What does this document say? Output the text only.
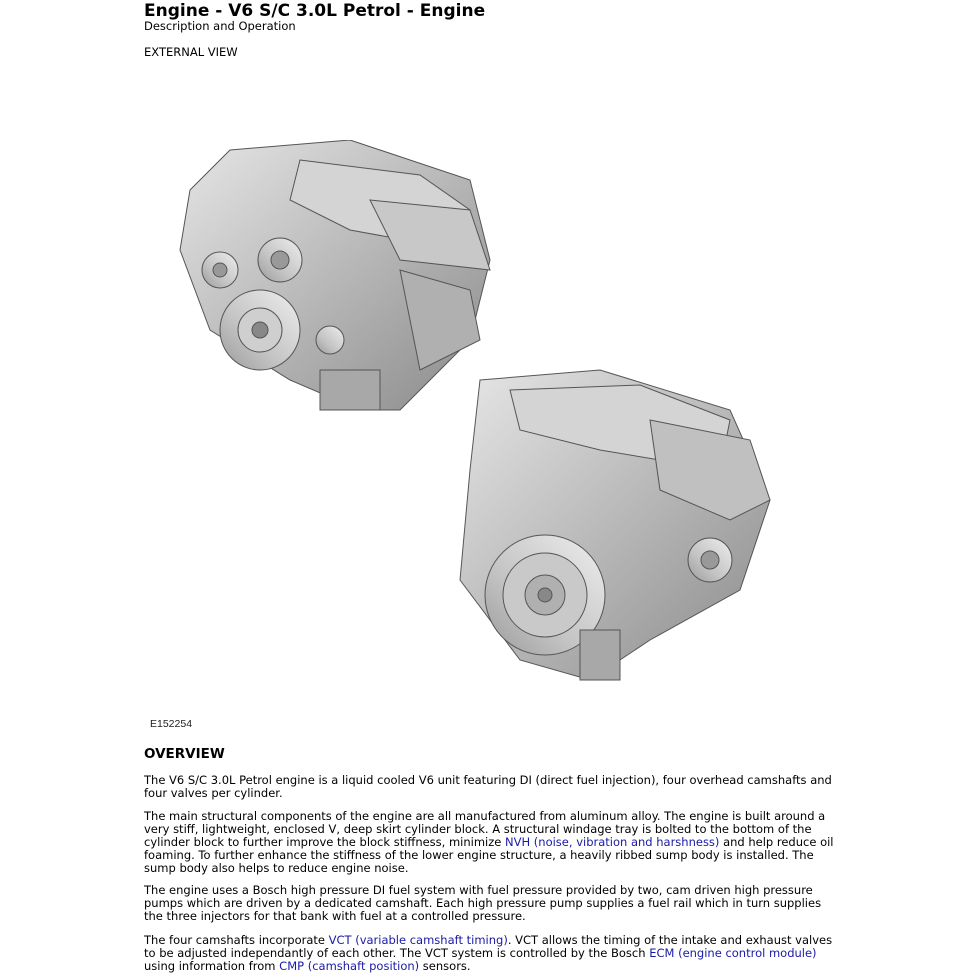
Engine - V6 S/C 3.0L Petrol - Engine
Description and Operation
EXTERNAL VIEW
E152254
OVERVIEW

The V6 S/C 3.0L Petrol engine is a liquid cooled V6 unit featuring DI (direct fuel injection), four overhead camshafts and four valves per cylinder.

The main structural components of the engine are all manufactured from aluminum alloy. The engine is built around a very stiff, lightweight, enclosed V, deep skirt cylinder block. A structural windage tray is bolted to the bottom of the cylinder block to further improve the block stiffness, minimize NVH (noise, vibration and harshness) and help reduce oil foaming. To further enhance the stiffness of the lower engine structure, a heavily ribbed sump body is installed. The sump body also helps to reduce engine noise.

The engine uses a Bosch high pressure DI fuel system with fuel pressure provided by two, cam driven high pressure pumps which are driven by a dedicated camshaft. Each high pressure pump supplies a fuel rail which in turn supplies the three injectors for that bank with fuel at a controlled pressure.

The four camshafts incorporate VCT (variable camshaft timing). VCT allows the timing of the intake and exhaust valves to be adjusted independantly of each other. The VCT system is controlled by the Bosch ECM (engine control module) using information from CMP (camshaft position) sensors.
